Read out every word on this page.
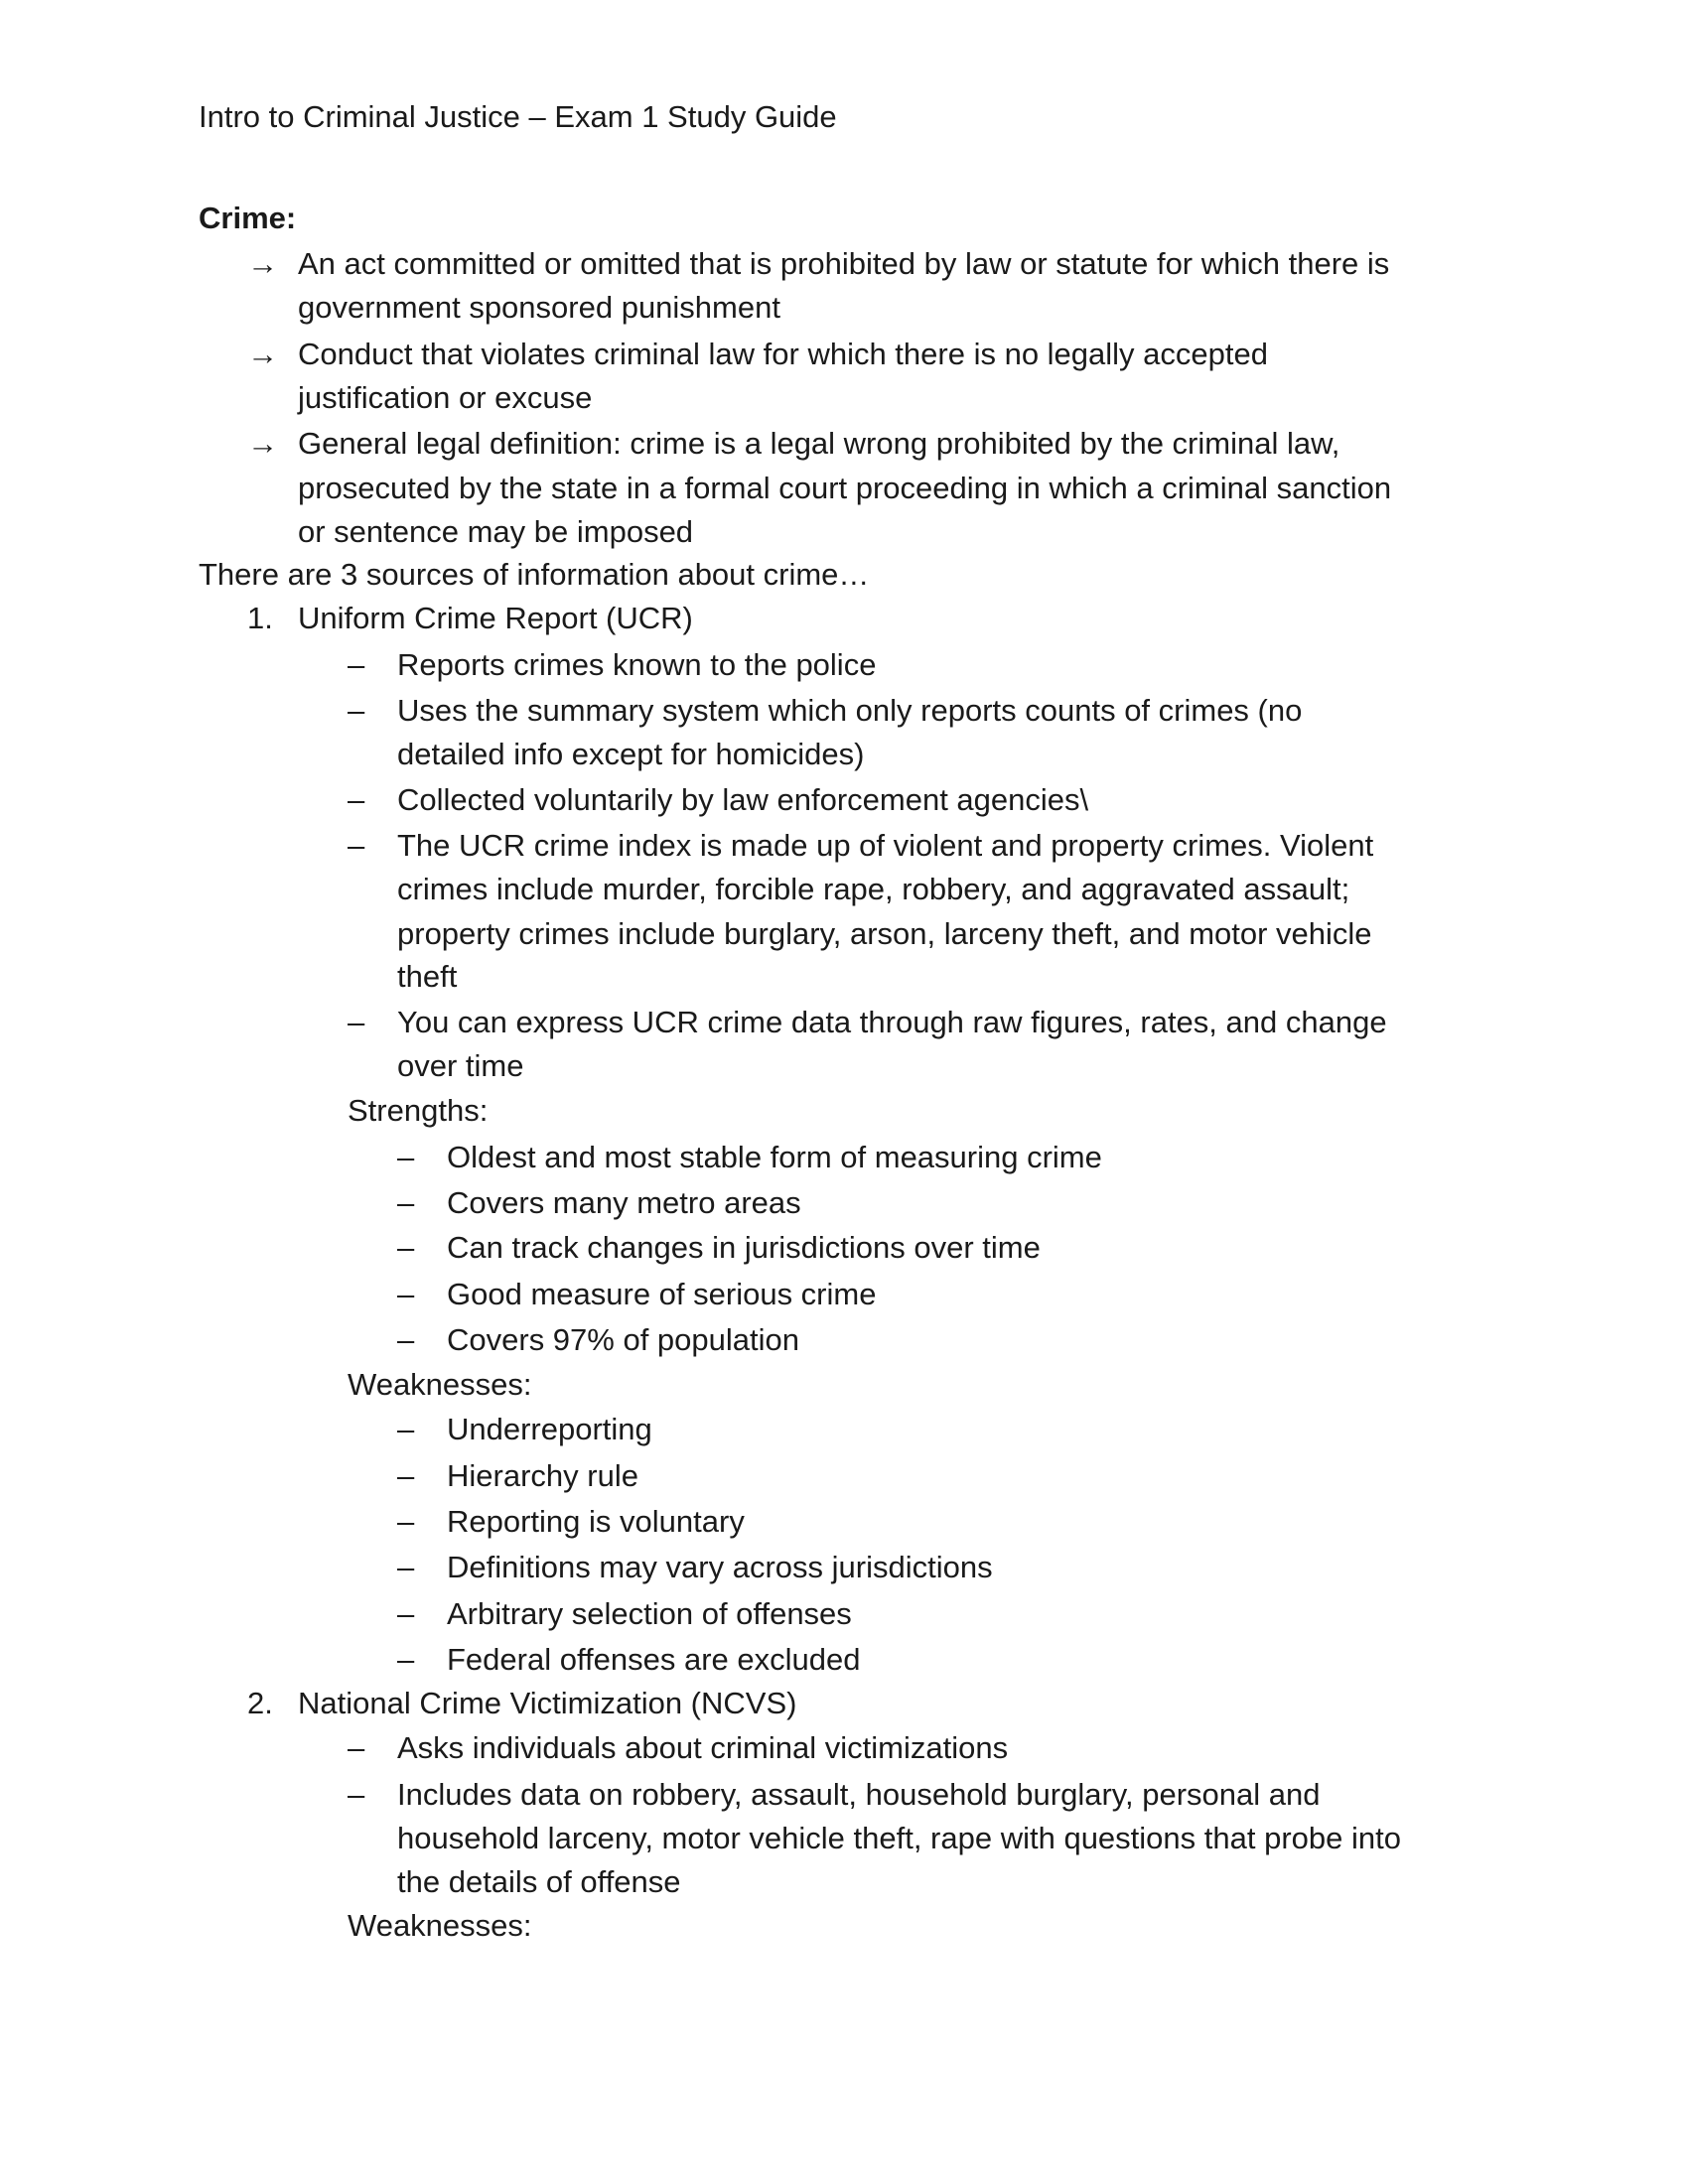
Intro to Criminal Justice – Exam 1 Study Guide
Crime:
→ An act committed or omitted that is prohibited by law or statute for which there is
government sponsored punishment
→ Conduct that violates criminal law for which there is no legally accepted
justification or excuse
→ General legal definition: crime is a legal wrong prohibited by the criminal law,
prosecuted by the state in a formal court proceeding in which a criminal sanction
or sentence may be imposed
There are 3 sources of information about crime…
1. Uniform Crime Report (UCR)
– Reports crimes known to the police
– Uses the summary system which only reports counts of crimes (no
detailed info except for homicides)
– Collected voluntarily by law enforcement agencies\
– The UCR crime index is made up of violent and property crimes. Violent
crimes include murder, forcible rape, robbery, and aggravated assault;
property crimes include burglary, arson, larceny theft, and motor vehicle
theft
– You can express UCR crime data through raw figures, rates, and change
over time
Strengths:
– Oldest and most stable form of measuring crime
– Covers many metro areas
– Can track changes in jurisdictions over time
– Good measure of serious crime
– Covers 97% of population
Weaknesses:
– Underreporting
– Hierarchy rule
– Reporting is voluntary
– Definitions may vary across jurisdictions
– Arbitrary selection of offenses
– Federal offenses are excluded
2. National Crime Victimization (NCVS)
– Asks individuals about criminal victimizations
– Includes data on robbery, assault, household burglary, personal and
household larceny, motor vehicle theft, rape with questions that probe into
the details of offense
Weaknesses:
